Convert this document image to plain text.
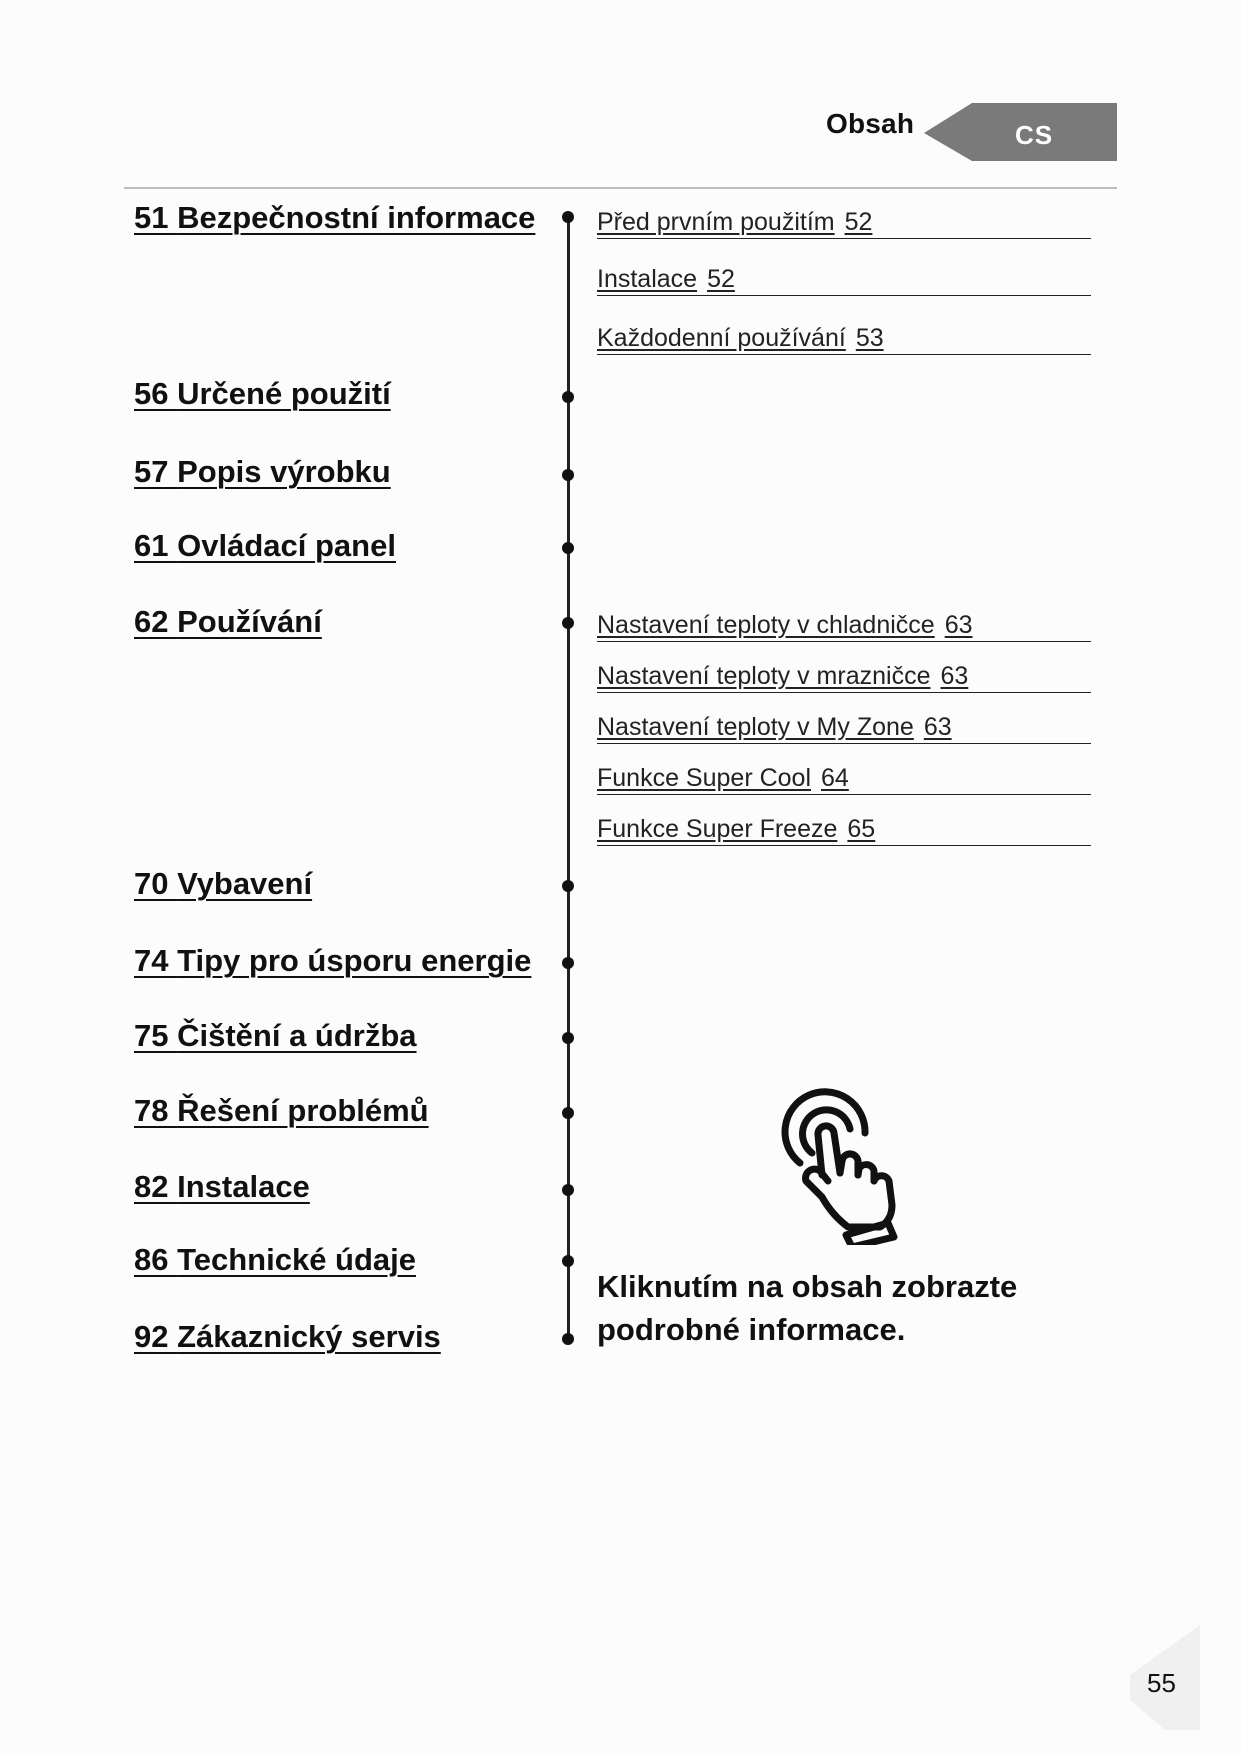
Obsah	CS
51 Bezpečnostní informace
56 Určené použití
57 Popis výrobku
61 Ovládací panel
62 Používání
70 Vybavení
74 Tipy pro úsporu energie
75 Čištění a údržba
78 Řešení problémů
82 Instalace
86 Technické údaje
92 Zákaznický servis
Před prvním použitím 52
Instalace 52
Každodenní používání 53
Nastavení teploty v chladničce 63
Nastavení teploty v mrazničce 63
Nastavení teploty v My Zone 63
Funkce Super Cool 64
Funkce Super Freeze 65
Kliknutím na obsah zobrazte podrobné informace.
55
